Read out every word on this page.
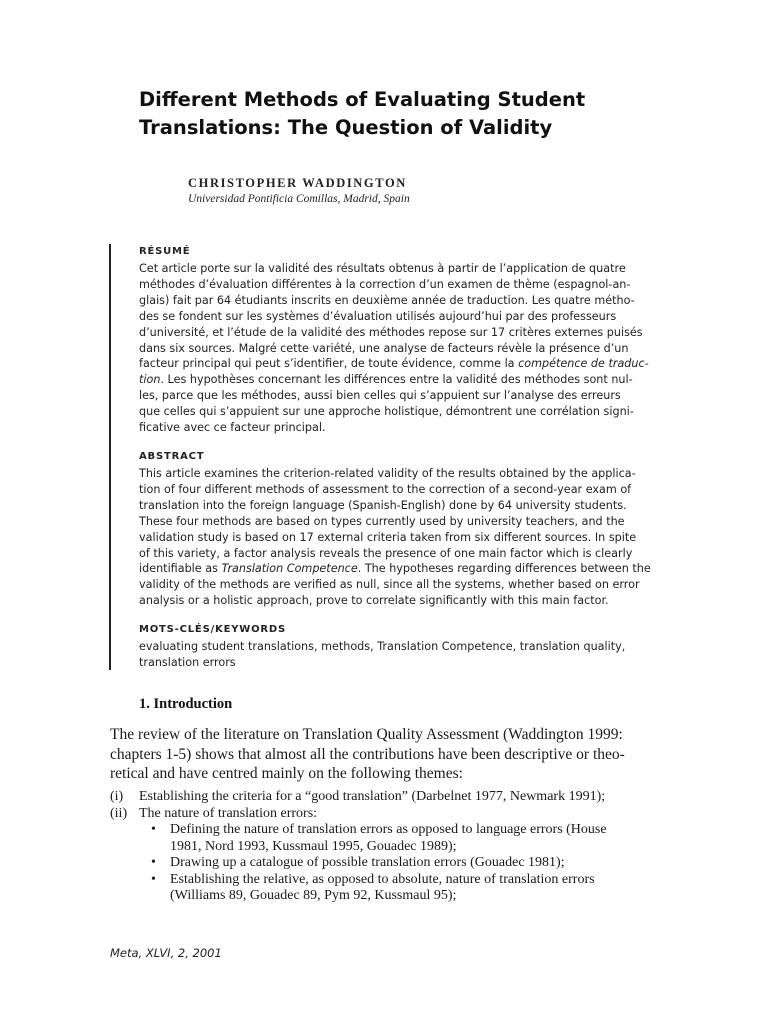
Different Methods of Evaluating Student
Translations: The Question of Validity
CHRISTOPHER WADDINGTON
Universidad Pontificia Comillas, Madrid, Spain
RÉSUMÉ
Cet article porte sur la validité des résultats obtenus à partir de l’application de quatre
méthodes d’évaluation différentes à la correction d’un examen de thème (espagnol-an-
glais) fait par 64 étudiants inscrits en deuxième année de traduction. Les quatre métho-
des se fondent sur les systèmes d’évaluation utilisés aujourd’hui par des professeurs
d’université, et l’étude de la validité des méthodes repose sur 17 critères externes puisés
dans six sources. Malgré cette variété, une analyse de facteurs révèle la présence d’un
facteur principal qui peut s’identifier, de toute évidence, comme la compétence de traduc-
tion. Les hypothèses concernant les différences entre la validité des méthodes sont nul-
les, parce que les méthodes, aussi bien celles qui s’appuient sur l’analyse des erreurs
que celles qui s’appuient sur une approche holistique, démontrent une corrélation signi-
ficative avec ce facteur principal.
ABSTRACT
This article examines the criterion-related validity of the results obtained by the applica-
tion of four different methods of assessment to the correction of a second-year exam of
translation into the foreign language (Spanish-English) done by 64 university students.
These four methods are based on types currently used by university teachers, and the
validation study is based on 17 external criteria taken from six different sources. In spite
of this variety, a factor analysis reveals the presence of one main factor which is clearly
identifiable as Translation Competence. The hypotheses regarding differences between the
validity of the methods are verified as null, since all the systems, whether based on error
analysis or a holistic approach, prove to correlate significantly with this main factor.
MOTS-CLÉS/KEYWORDS
evaluating student translations, methods, Translation Competence, translation quality,
translation errors
1. Introduction
The review of the literature on Translation Quality Assessment (Waddington 1999:
chapters 1-5) shows that almost all the contributions have been descriptive or theo-
retical and have centred mainly on the following themes:
(i) Establishing the criteria for a “good translation” (Darbelnet 1977, Newmark 1991);
(ii) The nature of translation errors:
• Defining the nature of translation errors as opposed to language errors (House
1981, Nord 1993, Kussmaul 1995, Gouadec 1989);
• Drawing up a catalogue of possible translation errors (Gouadec 1981);
• Establishing the relative, as opposed to absolute, nature of translation errors
(Williams 89, Gouadec 89, Pym 92, Kussmaul 95);
Meta, XLVI, 2, 2001
